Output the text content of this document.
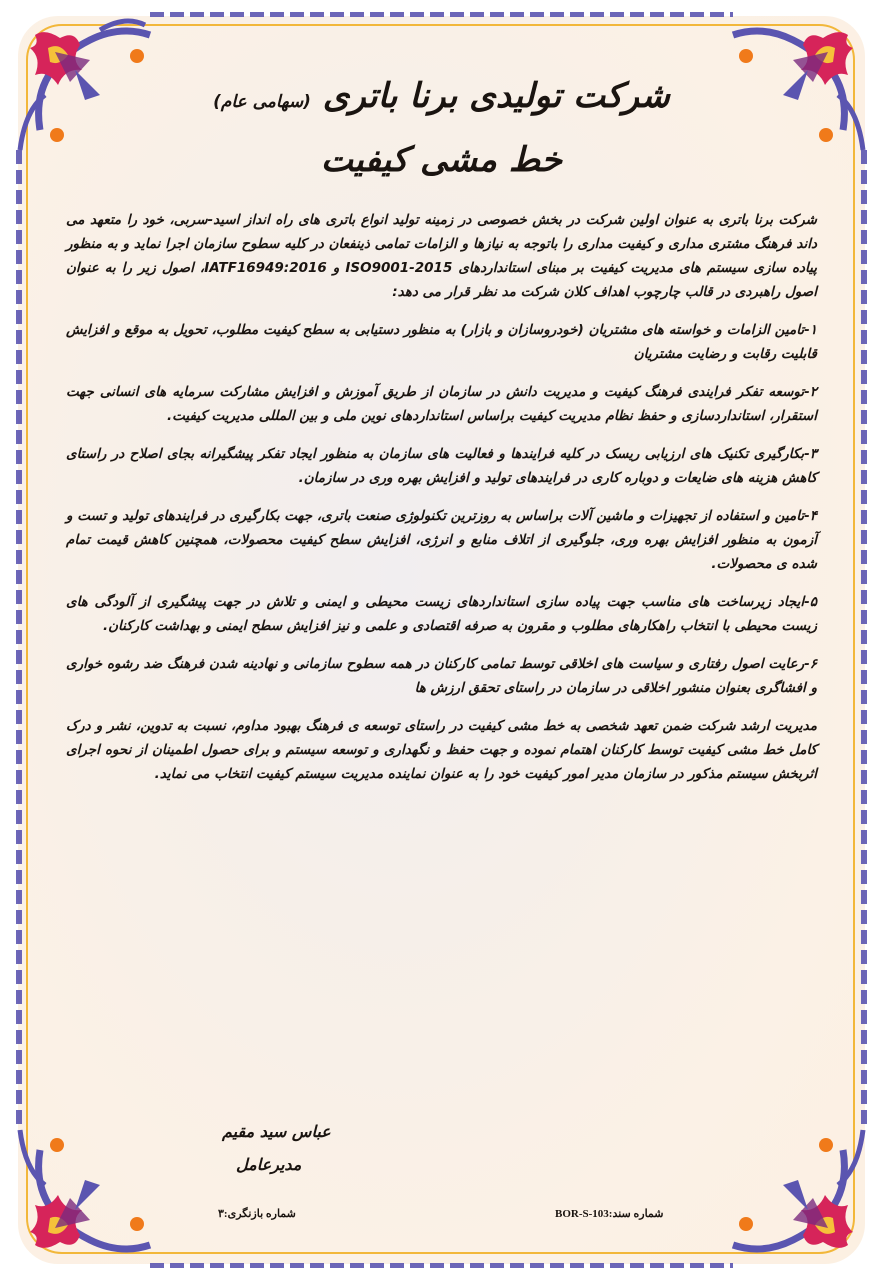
شرکت تولیدی برنا باتری (سهامی عام)
خط مشی کیفیت

شرکت برنا باتری به عنوان اولین شرکت در بخش خصوصی در زمینه تولید انواع باتری های راه انداز اسید-سربی، خود را متعهد می داند فرهنگ مشتری مداری و کیفیت مداری را باتوجه به نیازها و الزامات تمامی ذینفعان در کلیه سطوح سازمان اجرا نماید و به منظور پیاده سازی سیستم های مدیریت کیفیت بر مبنای استانداردهای ISO9001-2015 و IATF16949:2016، اصول زیر را به عنوان اصول راهبردی در قالب چارچوب اهداف کلان شرکت مد نظر قرار می دهد:

۱-تامین الزامات و خواسته های مشتریان (خودروسازان و بازار) به منظور دستیابی به سطح کیفیت مطلوب، تحویل به موقع و افزایش قابلیت رقابت و رضایت مشتریان

۲-توسعه تفکر فرایندی فرهنگ کیفیت و مدیریت دانش در سازمان از طریق آموزش و افزایش مشارکت سرمایه های انسانی جهت استقرار، استانداردسازی و حفظ نظام مدیریت کیفیت براساس استانداردهای نوین ملی و بین المللی مدیریت کیفیت.

۳-بکارگیری تکنیک های ارزیابی ریسک در کلیه فرایندها و فعالیت های سازمان به منظور ایجاد تفکر پیشگیرانه بجای اصلاح در راستای کاهش هزینه های ضایعات و دوباره کاری در فرایندهای تولید و افزایش بهره وری در سازمان.

۴-تامین و استفاده از تجهیزات و ماشین آلات براساس به روزترین تکنولوژی صنعت باتری، جهت بکارگیری در فرایندهای تولید و تست و آزمون به منظور افزایش بهره وری، جلوگیری از اتلاف منابع و انرژی، افزایش سطح کیفیت محصولات، همچنین کاهش قیمت تمام شده ی محصولات.

۵-ایجاد زیرساخت های مناسب جهت پیاده سازی استانداردهای زیست محیطی و ایمنی و تلاش در جهت پیشگیری از آلودگی های زیست محیطی با انتخاب راهکارهای مطلوب و مقرون به صرفه اقتصادی و علمی و نیز افزایش سطح ایمنی و بهداشت کارکنان.

۶-رعایت اصول رفتاری و سیاست های اخلاقی توسط تمامی کارکنان در همه سطوح سازمانی و نهادینه شدن فرهنگ ضد رشوه خواری و افشاگری بعنوان منشور اخلاقی در سازمان در راستای تحقق ارزش ها

مدیریت ارشد شرکت ضمن تعهد شخصی به خط مشی کیفیت در راستای توسعه ی فرهنگ بهبود مداوم، نسبت به تدوین، نشر و درک کامل خط مشی کیفیت توسط کارکنان اهتمام نموده و جهت حفظ و نگهداری و توسعه سیستم و برای حصول اطمینان از نحوه اجرای اثربخش سیستم مذکور در سازمان مدیر امور کیفیت خود را به عنوان نماینده مدیریت سیستم کیفیت انتخاب می نماید.

عباس سید مقیم
مدیرعامل
شماره سند:BOR-S-103
شماره بازنگری:۳
